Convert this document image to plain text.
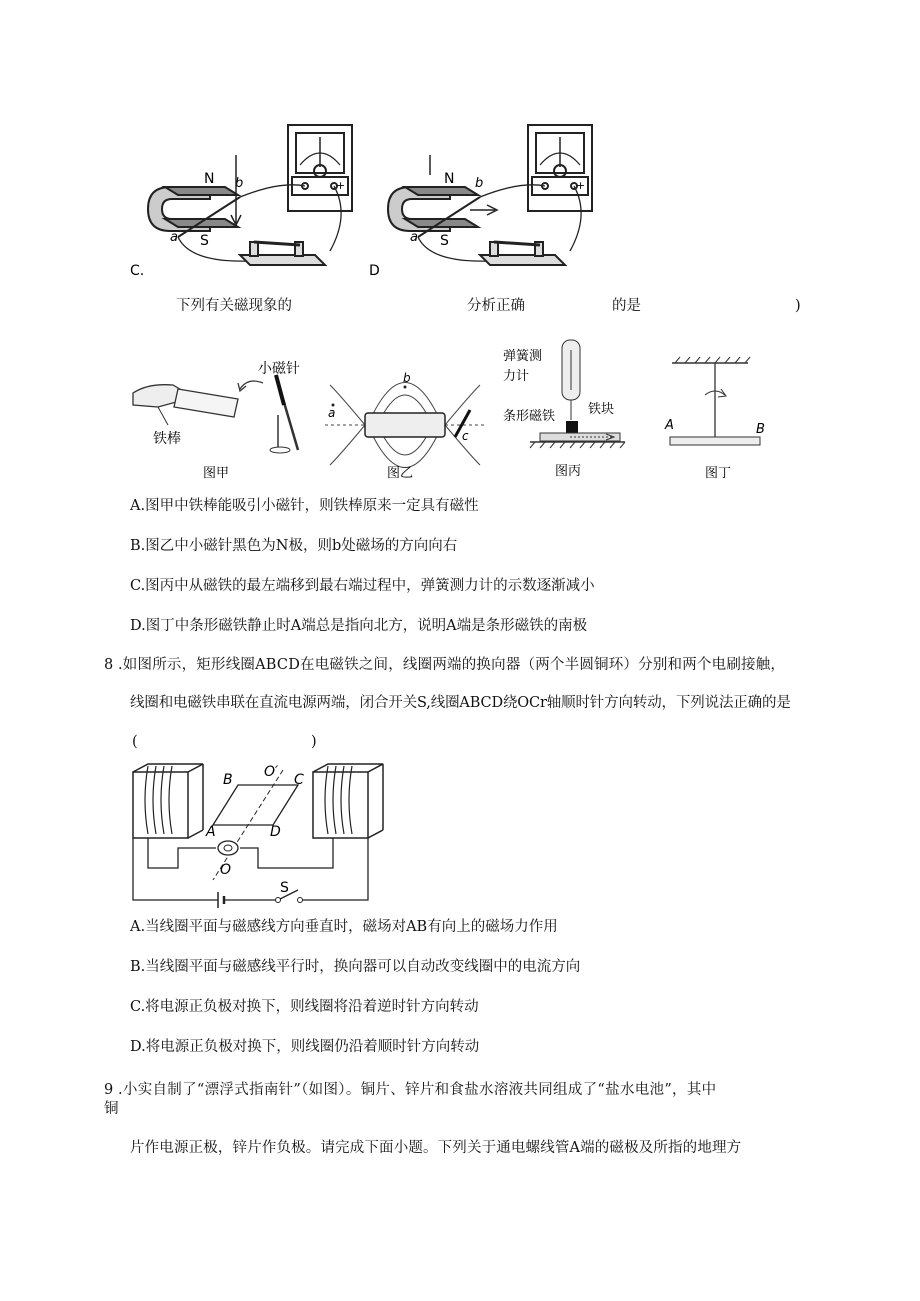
+
N
S
a
b
C.
+
N
S
a
b
D
下列有关磁现象的	分析正确	的是	)
铁棒
小磁针
图甲
a
b
c
图乙
弹簧测
力计
条形磁铁	铁块
图丙
A	B
图丁
A.图甲中铁棒能吸引小磁针，则铁棒原来一定具有磁性
B.图乙中小磁针黑色为N极，则b处磁场的方向向右
C.图丙中从磁铁的最左端移到最右端过程中，弹簧测力计的示数逐渐减小
D.图丁中条形磁铁静止时A端总是指向北方，说明A端是条形磁铁的南极
8 .如图所示，矩形线圈ABCD在电磁铁之间，线圈两端的换向器（两个半圆铜环）分别和两个电刷接触，
线圈和电磁铁串联在直流电源两端，闭合开关S,线圈ABCD绕OCr轴顺时针方向转动，下列说法正确的是
(	)
B	C
A	D
O
O′
S
A.当线圈平面与磁感线方向垂直时，磁场对AB有向上的磁场力作用
B.当线圈平面与磁感线平行时，换向器可以自动改变线圈中的电流方向
C.将电源正负极对换下，则线圈将沿着逆时针方向转动
D.将电源正负极对换下，则线圈仍沿着顺时针方向转动
9 .小实自制了“漂浮式指南针”（如图）。铜片、锌片和食盐水溶液共同组成了“盐水电池”，其中
铜
片作电源正极，锌片作负极。请完成下面小题。下列关于通电螺线管A端的磁极及所指的地理方
